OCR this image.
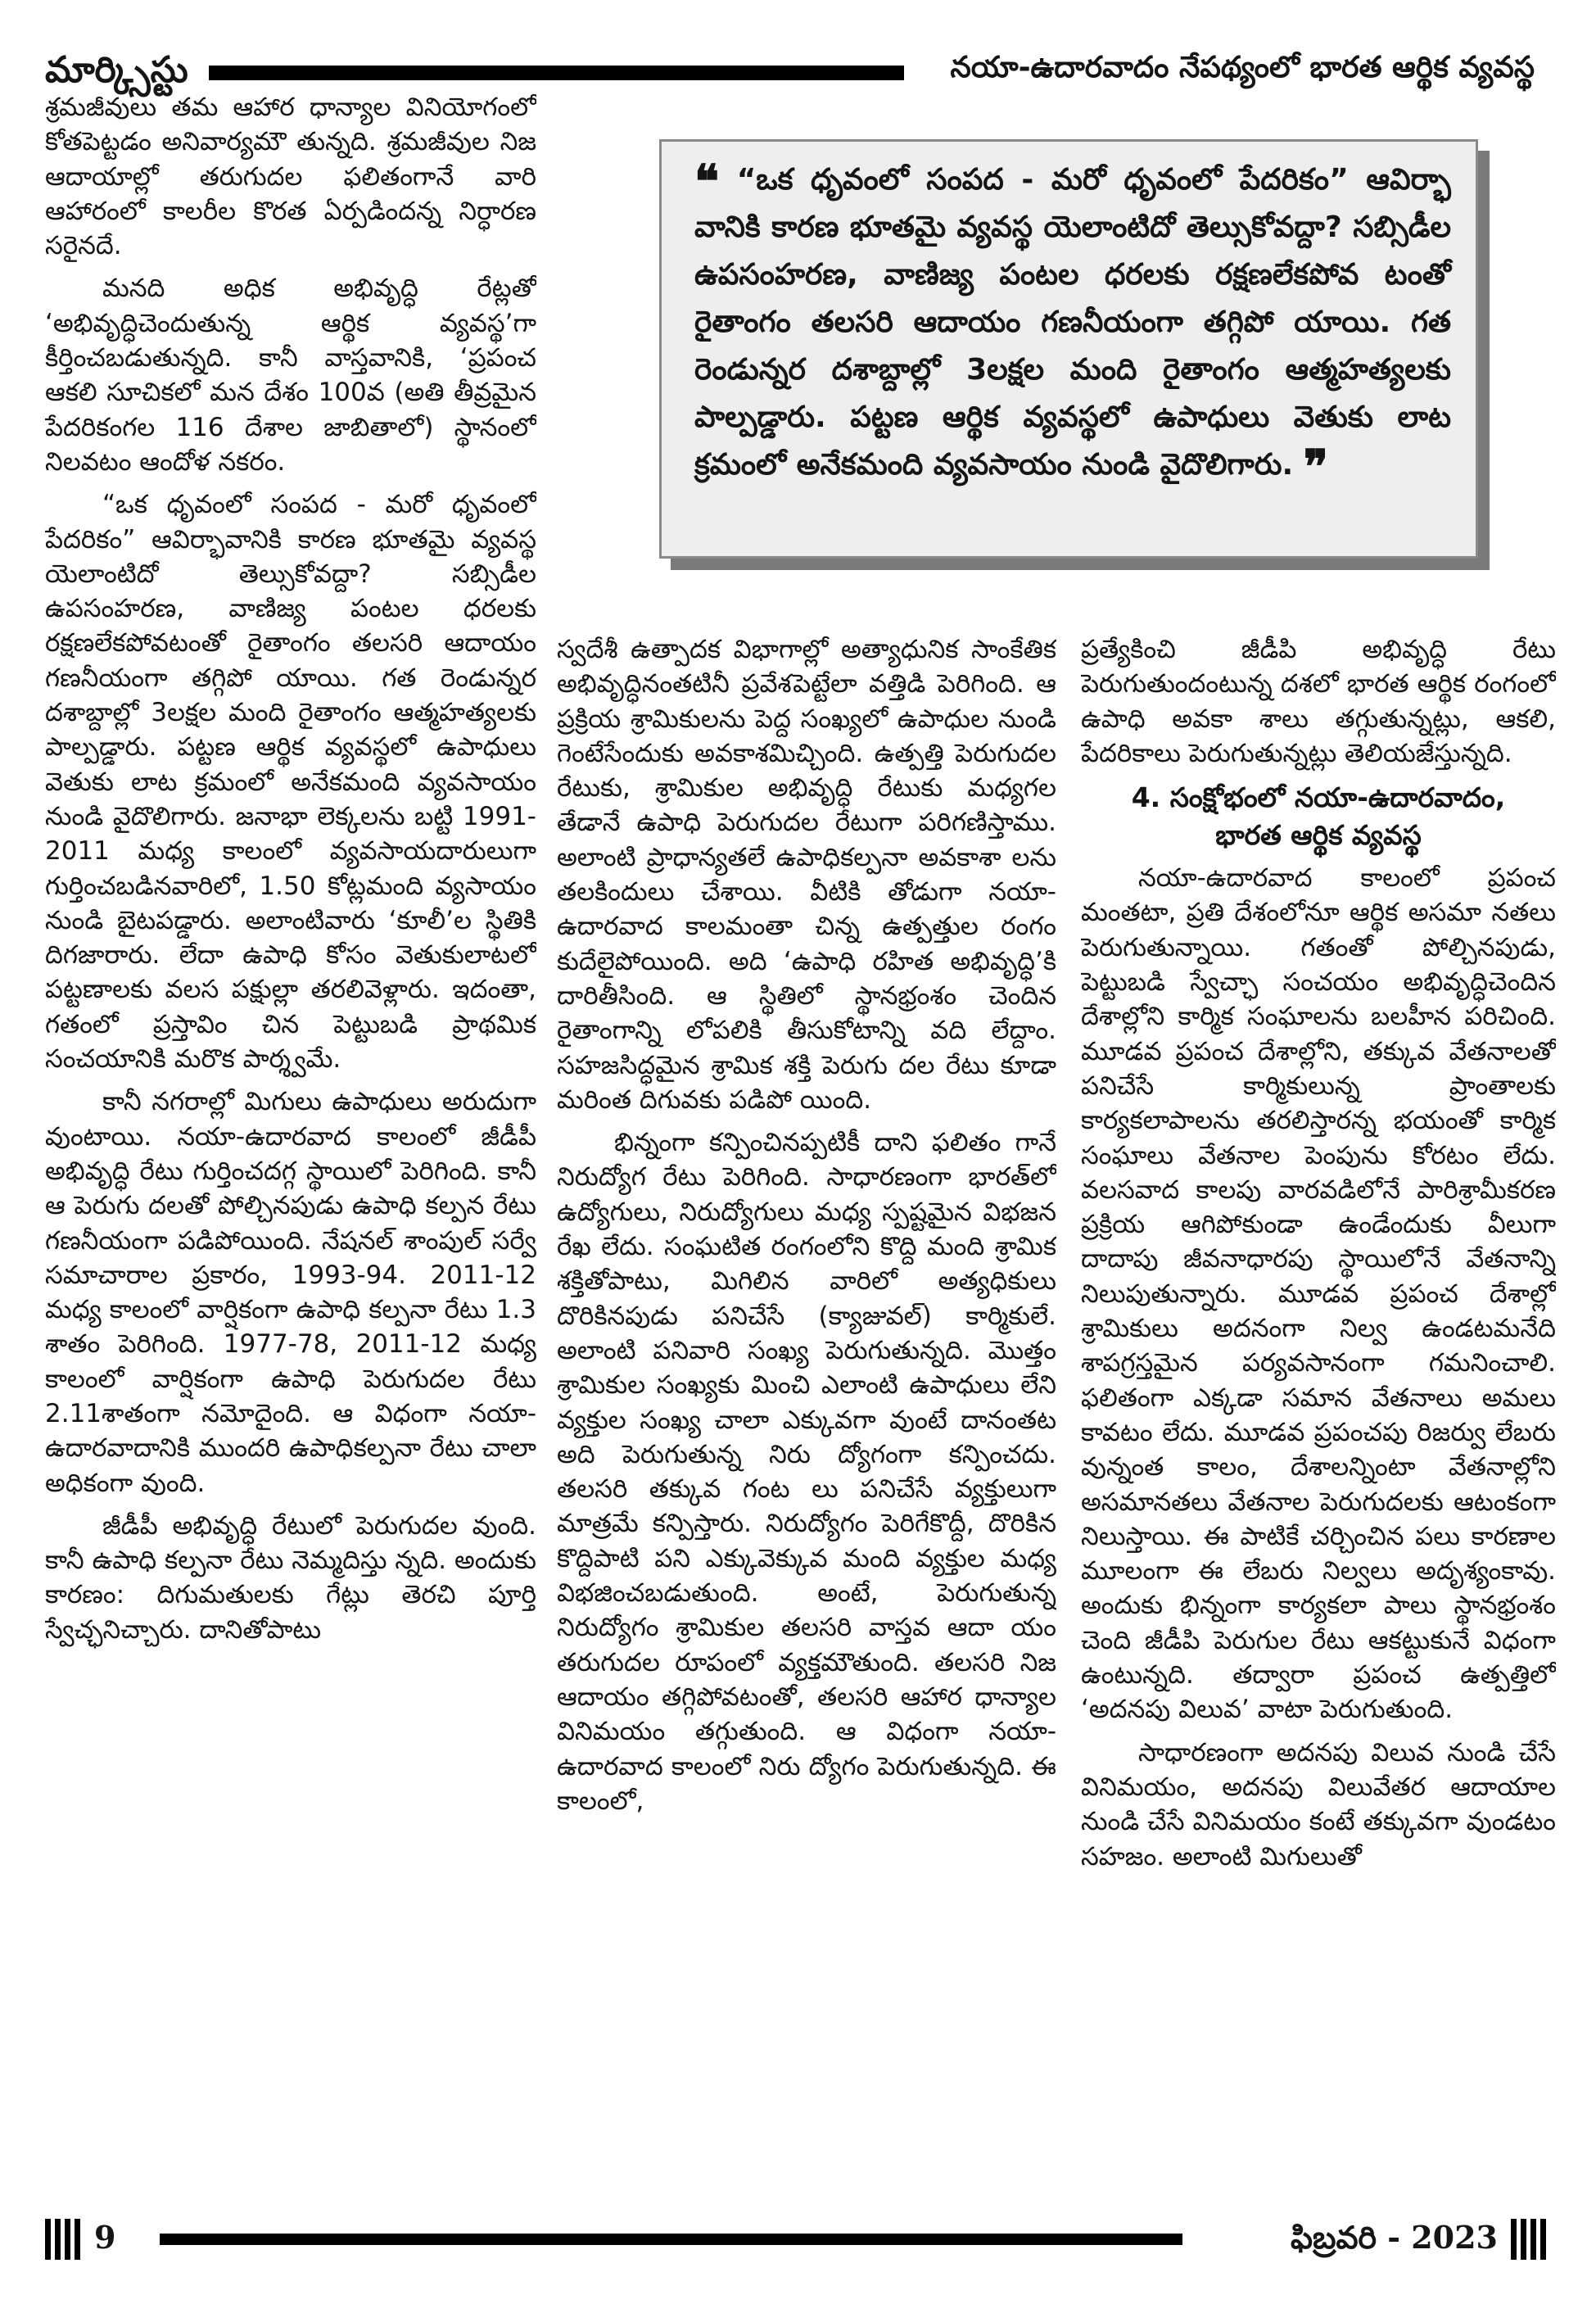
మార్క్సిస్టు	నయా-ఉదారవాదం నేపథ్యంలో భారత ఆర్థిక వ్యవస్థ
❝ “ఒక ధృవంలో సంపద - మరో ధృవంలో పేదరికం” ఆవిర్భా వానికి కారణ భూతమై వ్యవస్థ యెలాంటిదో తెల్సుకోవద్దా? సబ్సిడీల ఉపసంహరణ, వాణిజ్య పంటల ధరలకు రక్షణలేకపోవ టంతో రైతాంగం తలసరి ఆదాయం గణనీయంగా తగ్గిపో యాయి. గత రెండున్నర దశాబ్దాల్లో 3లక్షల మంది రైతాంగం ఆత్మహత్యలకు పాల్పడ్డారు. పట్టణ ఆర్థిక వ్యవస్థలో ఉపాధులు వెతుకు లాట క్రమంలో అనేకమంది వ్యవసాయం నుండి వైదొలిగారు. ❞

శ్రమజీవులు తమ ఆహార ధాన్యాల వినియోగంలో కోతపెట్టడం అనివార్యమౌ తున్నది. శ్రమజీవుల నిజ ఆదాయాల్లో తరుగుదల ఫలితంగానే వారి ఆహారంలో కాలరీల కొరత ఏర్పడిందన్న నిర్ధారణ సరైనదే.

మనది అధిక అభివృద్ధి రేట్లతో ‘అభివృద్ధిచెందుతున్న ఆర్థిక వ్యవస్థ’గా కీర్తించబడుతున్నది. కానీ వాస్తవానికి, ‘ప్రపంచ ఆకలి సూచికలో మన దేశం 100వ (అతి తీవ్రమైన పేదరికంగల 116 దేశాల జాబితాలో) స్థానంలో నిలవటం ఆందోళ నకరం.

“ఒక ధృవంలో సంపద - మరో ధృవంలో పేదరికం” ఆవిర్భావానికి కారణ భూతమై వ్యవస్థ యెలాంటిదో తెల్సుకోవద్దా? సబ్సిడీల ఉపసంహరణ, వాణిజ్య పంటల ధరలకు రక్షణలేకపోవటంతో రైతాంగం తలసరి ఆదాయం గణనీయంగా తగ్గిపో యాయి. గత రెండున్నర దశాబ్దాల్లో 3లక్షల మంది రైతాంగం ఆత్మహత్యలకు పాల్పడ్డారు. పట్టణ ఆర్థిక వ్యవస్థలో ఉపాధులు వెతుకు లాట క్రమంలో అనేకమంది వ్యవసాయం నుండి వైదొలిగారు. జనాభా లెక్కలను బట్టి 1991- 2011 మధ్య కాలంలో వ్యవసాయదారులుగా గుర్తించబడినవారిలో, 1.50 కోట్లమంది వ్యసాయం నుండి బైటపడ్డారు. అలాంటివారు ‘కూలీ’ల స్థితికి దిగజారారు. లేదా ఉపాధి కోసం వెతుకులాటలో పట్టణాలకు వలస పక్షుల్లా తరలివెళ్లారు. ఇదంతా, గతంలో ప్రస్తావిం చిన పెట్టుబడి ప్రాథమిక సంచయానికి మరొక పార్శ్వమే.

కానీ నగరాల్లో మిగులు ఉపాధులు అరుదుగా వుంటాయి. నయా-ఉదారవాద కాలంలో జీడీపీ అభివృద్ధి రేటు గుర్తించదగ్గ స్థాయిలో పెరిగింది. కానీ ఆ పెరుగు దలతో పోల్చినపుడు ఉపాధి కల్పన రేటు గణనీయంగా పడిపోయింది. నేషనల్ శాంపుల్ సర్వే సమాచారాల ప్రకారం, 1993-94. 2011-12 మధ్య కాలంలో వార్షికంగా ఉపాధి కల్పనా రేటు 1.3 శాతం పెరిగింది. 1977-78, 2011-12 మధ్య కాలంలో వార్షికంగా ఉపాధి పెరుగుదల రేటు 2.11శాతంగా నమోదైంది. ఆ విధంగా నయా-ఉదారవాదానికి ముందరి ఉపాధికల్పనా రేటు చాలా అధికంగా వుంది.

జీడీపీ అభివృద్ధి రేటులో పెరుగుదల వుంది. కానీ ఉపాధి కల్పనా రేటు నెమ్మదిస్తు న్నది. అందుకు కారణం: దిగుమతులకు గేట్లు తెరచి పూర్తి స్వేచ్ఛనిచ్చారు. దానితోపాటు

స్వదేశీ ఉత్పాదక విభాగాల్లో అత్యాధునిక సాంకేతిక అభివృద్ధినంతటినీ ప్రవేశపెట్టేలా వత్తిడి పెరిగింది. ఆ ప్రక్రియ శ్రామికులను పెద్ద సంఖ్యలో ఉపాధుల నుండి గెంటేసేందుకు అవకాశమిచ్చింది. ఉత్పత్తి పెరుగుదల రేటుకు, శ్రామికుల అభివృద్ధి రేటుకు మధ్యగల తేడానే ఉపాధి పెరుగుదల రేటుగా పరిగణిస్తాము. అలాంటి ప్రాధాన్యతలే ఉపాధికల్పనా అవకాశా లను తలకిందులు చేశాయి. వీటికి తోడుగా నయా-ఉదారవాద కాలమంతా చిన్న ఉత్పత్తుల రంగం కుదేలైపోయింది. అది ‘ఉపాధి రహిత అభివృద్ధి’కి దారితీసింది. ఆ స్థితిలో స్థానభ్రంశం చెందిన రైతాంగాన్ని లోపలికి తీసుకోటాన్ని వది లేద్దాం. సహజసిద్ధమైన శ్రామిక శక్తి పెరుగు దల రేటు కూడా మరింత దిగువకు పడిపో యింది.

భిన్నంగా కన్పించినప్పటికీ దాని ఫలితం గానే నిరుద్యోగ రేటు పెరిగింది. సాధారణంగా భారత్‌లో ఉద్యోగులు, నిరుద్యోగులు మధ్య స్పష్టమైన విభజన రేఖ లేదు. సంఘటిత రంగంలోని కొద్ది మంది శ్రామిక శక్తితోపాటు, మిగిలిన వారిలో అత్యధికులు దొరికినపుడు పనిచేసే (క్యాజువల్) కార్మికులే. అలాంటి పనివారి సంఖ్య పెరుగుతున్నది. మొత్తం శ్రామికుల సంఖ్యకు మించి ఎలాంటి ఉపాధులు లేని వ్యక్తుల సంఖ్య చాలా ఎక్కువగా వుంటే దానంతట అది పెరుగుతున్న నిరు ద్యోగంగా కన్పించదు. తలసరి తక్కువ గంట లు పనిచేసే వ్యక్తులుగా మాత్రమే కన్పిస్తారు. నిరుద్యోగం పెరిగేకొద్దీ, దొరికిన కొద్దిపాటి పని ఎక్కువెక్కువ మంది వ్యక్తుల మధ్య విభజించబడుతుంది. అంటే, పెరుగుతున్న నిరుద్యోగం శ్రామికుల తలసరి వాస్తవ ఆదా యం తరుగుదల రూపంలో వ్యక్తమౌతుంది. తలసరి నిజ ఆదాయం తగ్గిపోవటంతో, తలసరి ఆహార ధాన్యాల వినిమయం తగ్గుతుంది. ఆ విధంగా నయా-ఉదారవాద కాలంలో నిరు ద్యోగం పెరుగుతున్నది. ఈ కాలంలో,

ప్రత్యేకించి జీడీపి అభివృద్ధి రేటు పెరుగుతుందంటున్న దశలో భారత ఆర్థిక రంగంలో ఉపాధి అవకా శాలు తగ్గుతున్నట్లు, ఆకలి, పేదరికాలు పెరుగుతున్నట్లు తెలియజేస్తున్నది.

4. సంక్షోభంలో నయా-ఉదారవాదం,
భారత ఆర్థిక వ్యవస్థ

నయా-ఉదారవాద కాలంలో ప్రపంచ మంతటా, ప్రతి దేశంలోనూ ఆర్థిక అసమా నతలు పెరుగుతున్నాయి. గతంతో పోల్చినపుడు, పెట్టుబడి స్వేచ్ఛా సంచయం అభివృద్ధిచెందిన దేశాల్లోని కార్మిక సంఘాలను బలహీన పరిచింది. మూడవ ప్రపంచ దేశాల్లోని, తక్కువ వేతనాలతో పనిచేసే కార్మికులున్న ప్రాంతాలకు కార్యకలాపాలను తరలిస్తారన్న భయంతో కార్మిక సంఘాలు వేతనాల పెంపును కోరటం లేదు. వలసవాద కాలపు వారవడిలోనే పారిశ్రామీకరణ ప్రక్రియ ఆగిపోకుండా ఉండేందుకు వీలుగా దాదాపు జీవనాధారపు స్థాయిలోనే వేతనాన్ని నిలుపుతున్నారు. మూడవ ప్రపంచ దేశాల్లో శ్రామికులు అదనంగా నిల్వ ఉండటమనేది శాపగ్రస్తమైన పర్యవసానంగా గమనించాలి. ఫలితంగా ఎక్కడా సమాన వేతనాలు అమలు కావటం లేదు. మూడవ ప్రపంచపు రిజర్వు లేబరు వున్నంత కాలం, దేశాలన్నింటా వేతనాల్లోని అసమానతలు వేతనాల పెరుగుదలకు ఆటంకంగా నిలుస్తాయి. ఈ పాటికే చర్చించిన పలు కారణాల మూలంగా ఈ లేబరు నిల్వలు అదృశ్యంకావు. అందుకు భిన్నంగా కార్యకలా పాలు స్థానభ్రంశం చెంది జీడీపి పెరుగుల రేటు ఆకట్టుకునే విధంగా ఉంటున్నది. తద్వారా ప్రపంచ ఉత్పత్తిలో ‘అదనపు విలువ’ వాటా పెరుగుతుంది.

సాధారణంగా అదనపు విలువ నుండి చేసే వినిమయం, అదనపు విలువేతర ఆదాయాల నుండి చేసే వినిమయం కంటే తక్కువగా వుండటం సహజం. అలాంటి మిగులుతో

9	ఫిబ్రవరి - 2023
